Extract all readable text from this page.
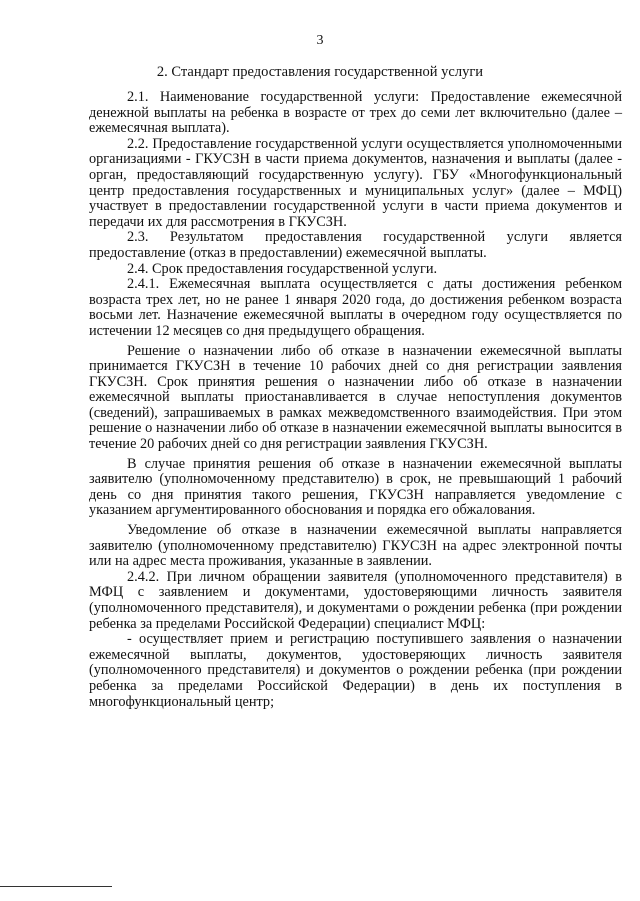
3
2. Стандарт предоставления государственной услуги

2.1. Наименование государственной услуги: Предоставление ежемесячной денежной выплаты на ребенка в возрасте от трех до семи лет включительно (далее – ежемесячная выплата).

2.2. Предоставление государственной услуги осуществляется уполномоченными организациями - ГКУСЗН в части приема документов, назначения и выплаты (далее - орган, предоставляющий государственную услугу). ГБУ «Многофункциональный центр предоставления государственных и муниципальных услуг» (далее – МФЦ) участвует в предоставлении государственной услуги в части приема документов и передачи их для рассмотрения в ГКУСЗН.

2.3. Результатом предоставления государственной услуги является предоставление (отказ в предоставлении) ежемесячной выплаты.

2.4. Срок предоставления государственной услуги.

2.4.1. Ежемесячная выплата осуществляется с даты достижения ребенком возраста трех лет, но не ранее 1 января 2020 года, до достижения ребенком возраста восьми лет. Назначение ежемесячной выплаты в очередном году осуществляется по истечении 12 месяцев со дня предыдущего обращения.

Решение о назначении либо об отказе в назначении ежемесячной выплаты принимается ГКУСЗН в течение 10 рабочих дней со дня регистрации заявления ГКУСЗН. Срок принятия решения о назначении либо об отказе в назначении ежемесячной выплаты приостанавливается в случае непоступления документов (сведений), запрашиваемых в рамках межведомственного взаимодействия. При этом решение о назначении либо об отказе в назначении ежемесячной выплаты выносится в течение 20 рабочих дней со дня регистрации заявления ГКУСЗН.

В случае принятия решения об отказе в назначении ежемесячной выплаты заявителю (уполномоченному представителю) в срок, не превышающий 1 рабочий день со дня принятия такого решения, ГКУСЗН направляется уведомление с указанием аргументированного обоснования и порядка его обжалования.

Уведомление об отказе в назначении ежемесячной выплаты направляется заявителю (уполномоченному представителю) ГКУСЗН на адрес электронной почты или на адрес места проживания, указанные в заявлении.

2.4.2. При личном обращении заявителя (уполномоченного представителя) в МФЦ с заявлением и документами, удостоверяющими личность заявителя (уполномоченного представителя), и документами о рождении ребенка (при рождении ребенка за пределами Российской Федерации) специалист МФЦ:

- осуществляет прием и регистрацию поступившего заявления о назначении ежемесячной выплаты, документов, удостоверяющих личность заявителя (уполномоченного представителя) и документов о рождении ребенка (при рождении ребенка за пределами Российской Федерации) в день их поступления в многофункциональный центр;
